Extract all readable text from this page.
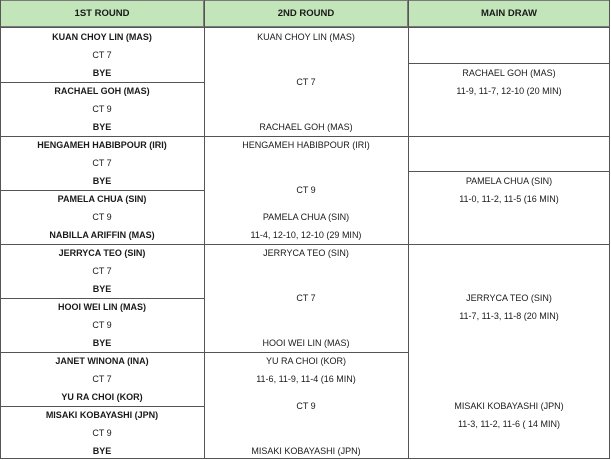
1ST ROUND	2ND ROUND	MAIN DRAW
KUAN CHOY LIN (MAS)
CT 7
BYE
RACHAEL GOH (MAS)
CT 9
BYE
KUAN CHOY LIN (MAS)
CT 7
RACHAEL GOH (MAS)
RACHAEL GOH (MAS)
11-9, 11-7, 12-10 (20 MIN)
HENGAMEH HABIBPOUR (IRI)
CT 7
BYE
PAMELA CHUA (SIN)
CT 9
NABILLA ARIFFIN (MAS)
HENGAMEH HABIBPOUR (IRI)
CT 9
PAMELA CHUA (SIN)
11-4, 12-10, 12-10 (29 MIN)
PAMELA CHUA (SIN)
11-0, 11-2, 11-5 (16 MIN)
JERRYCA TEO (SIN)
CT 7
BYE
HOOI WEI LIN (MAS)
CT 9
BYE
JERRYCA TEO (SIN)
CT 7
HOOI WEI LIN (MAS)
JERRYCA TEO (SIN)
11-7, 11-3, 11-8 (20 MIN)
JANET WINONA (INA)
CT 7
YU RA CHOI (KOR)
MISAKI KOBAYASHI (JPN)
CT 9
BYE
YU RA CHOI (KOR)
11-6, 11-9, 11-4 (16 MIN)
CT 9
MISAKI KOBAYASHI (JPN)
MISAKI KOBAYASHI (JPN)
11-3, 11-2, 11-6 ( 14 MIN)
